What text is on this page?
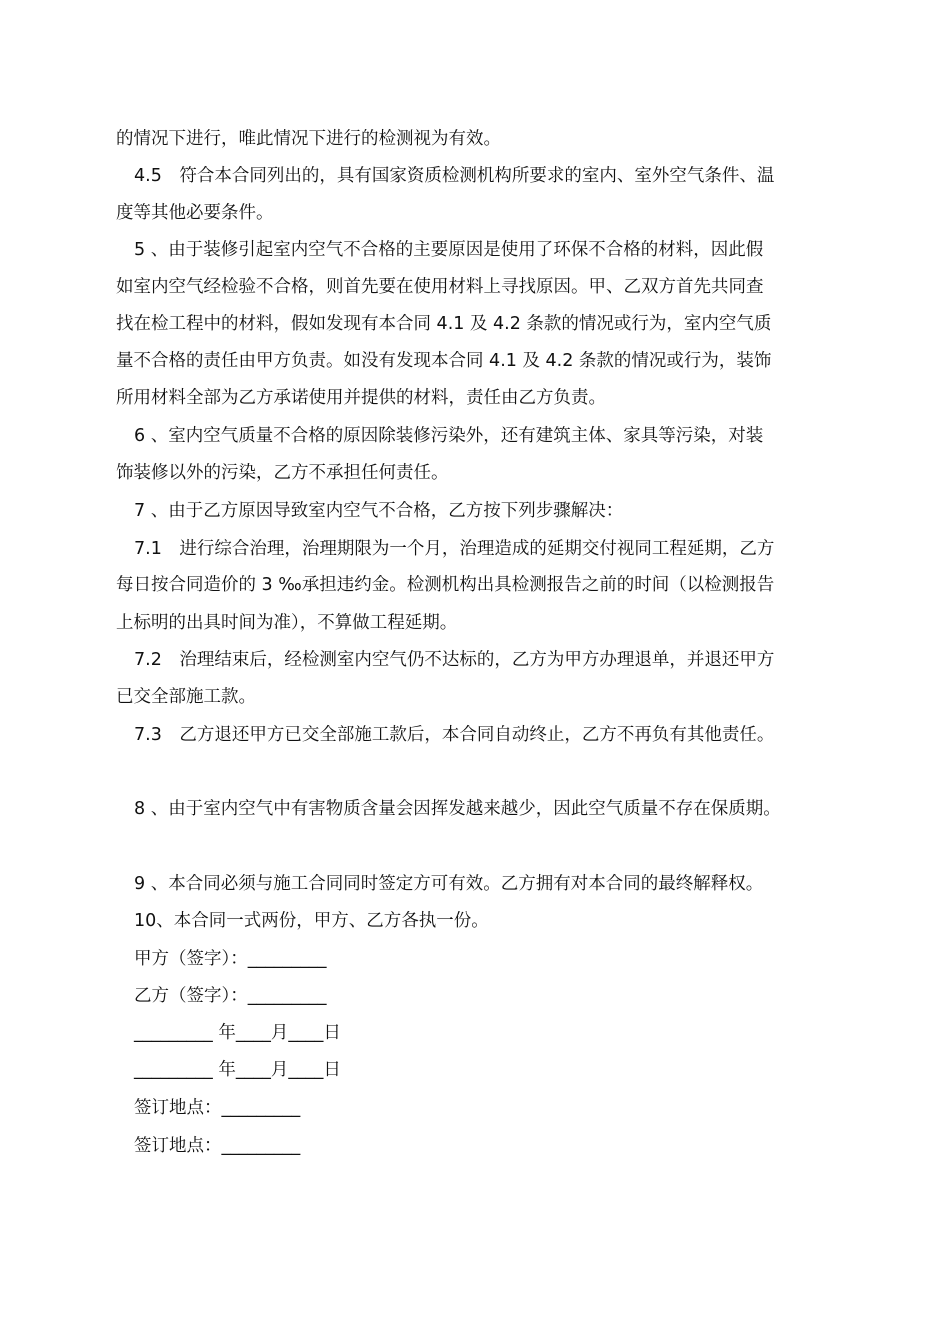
的情况下进行，唯此情况下进行的检测视为有效。
4.5　符合本合同列出的，具有国家资质检测机构所要求的室内、室外空气条件、温
度等其他必要条件。
5 、由于装修引起室内空气不合格的主要原因是使用了环保不合格的材料，因此假
如室内空气经检验不合格，则首先要在使用材料上寻找原因。甲、乙双方首先共同查
找在检工程中的材料，假如发现有本合同 4.1 及 4.2 条款的情况或行为，室内空气质
量不合格的责任由甲方负责。如没有发现本合同 4.1 及 4.2 条款的情况或行为，装饰
所用材料全部为乙方承诺使用并提供的材料，责任由乙方负责。
6 、室内空气质量不合格的原因除装修污染外，还有建筑主体、家具等污染，对装
饰装修以外的污染，乙方不承担任何责任。
7 、由于乙方原因导致室内空气不合格，乙方按下列步骤解决：
7.1　进行综合治理，治理期限为一个月，治理造成的延期交付视同工程延期，乙方
每日按合同造价的 3 ‰承担违约金。检测机构出具检测报告之前的时间（以检测报告
上标明的出具时间为准），不算做工程延期。
7.2　治理结束后，经检测室内空气仍不达标的，乙方为甲方办理退单，并退还甲方
已交全部施工款。
7.3　乙方退还甲方已交全部施工款后，本合同自动终止，乙方不再负有其他责任。
8 、由于室内空气中有害物质含量会因挥发越来越少，因此空气质量不存在保质期。
9 、本合同必须与施工合同同时签定方可有效。乙方拥有对本合同的最终解释权。
10、本合同一式两份，甲方、乙方各执一份。
甲方（签字）：_________
乙方（签字）：_________
_________ 年____月____日
_________ 年____月____日
签订地点：_________
签订地点：_________
